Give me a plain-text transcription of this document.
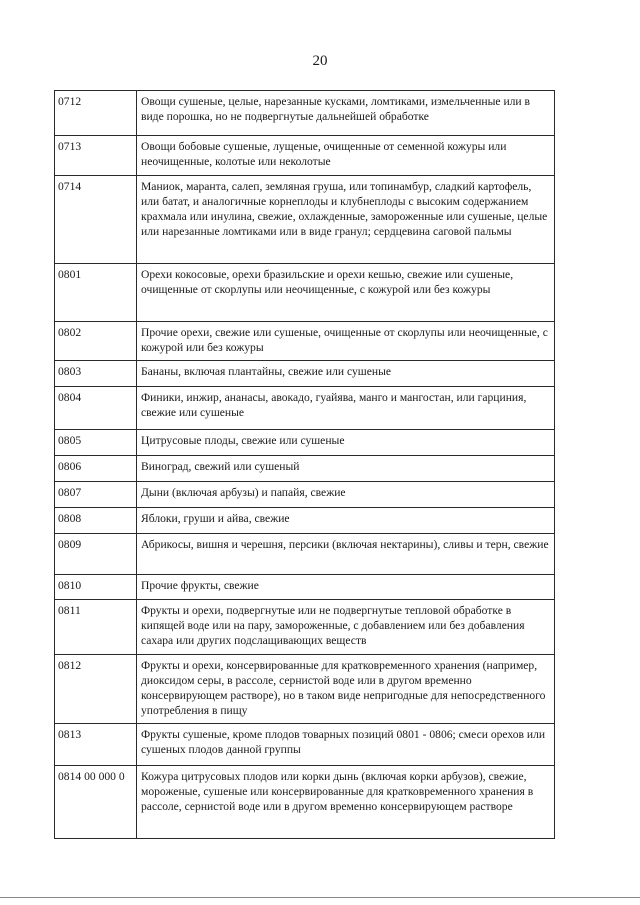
20
0712	Овощи сушеные, целые, нарезанные кусками, ломтиками, измельченные или в виде порошка, но не подвергнутые дальнейшей обработке
0713	Овощи бобовые сушеные, лущеные, очищенные от семенной кожуры или неочищенные, колотые или неколотые
0714	Маниок, маранта, салеп, земляная груша, или топинамбур, сладкий картофель, или батат, и аналогичные корнеплоды и клубнеплоды с высоким содержанием крахмала или инулина, свежие, охлажденные, замороженные или сушеные, целые или нарезанные ломтиками или в виде гранул; сердцевина саговой пальмы
0801	Орехи кокосовые, орехи бразильские и орехи кешью, свежие или сушеные, очищенные от скорлупы или неочищенные, с кожурой или без кожуры
0802	Прочие орехи, свежие или сушеные, очищенные от скорлупы или неочищенные, с кожурой или без кожуры
0803	Бананы, включая плантайны, свежие или сушеные
0804	Финики, инжир, ананасы, авокадо, гуайява, манго и мангостан, или гарциния, свежие или сушеные
0805	Цитрусовые плоды, свежие или сушеные
0806	Виноград, свежий или сушеный
0807	Дыни (включая арбузы) и папайя, свежие
0808	Яблоки, груши и айва, свежие
0809	Абрикосы, вишня и черешня, персики (включая нектарины), сливы и терн, свежие
0810	Прочие фрукты, свежие
0811	Фрукты и орехи, подвергнутые или не подвергнутые тепловой обработке в кипящей воде или на пару, замороженные, с добавлением или без добавления сахара или других подслащивающих веществ
0812	Фрукты и орехи, консервированные для кратковременного хранения (например, диоксидом серы, в рассоле, сернистой воде или в другом временно консервирующем растворе), но в таком виде непригодные для непосредственного употребления в пищу
0813	Фрукты сушеные, кроме плодов товарных позиций 0801 - 0806; смеси орехов или сушеных плодов данной группы
0814 00 000 0	Кожура цитрусовых плодов или корки дынь (включая корки арбузов), свежие, мороженые, сушеные или консервированные для кратковременного хранения в рассоле, сернистой воде или в другом временно консервирующем растворе
